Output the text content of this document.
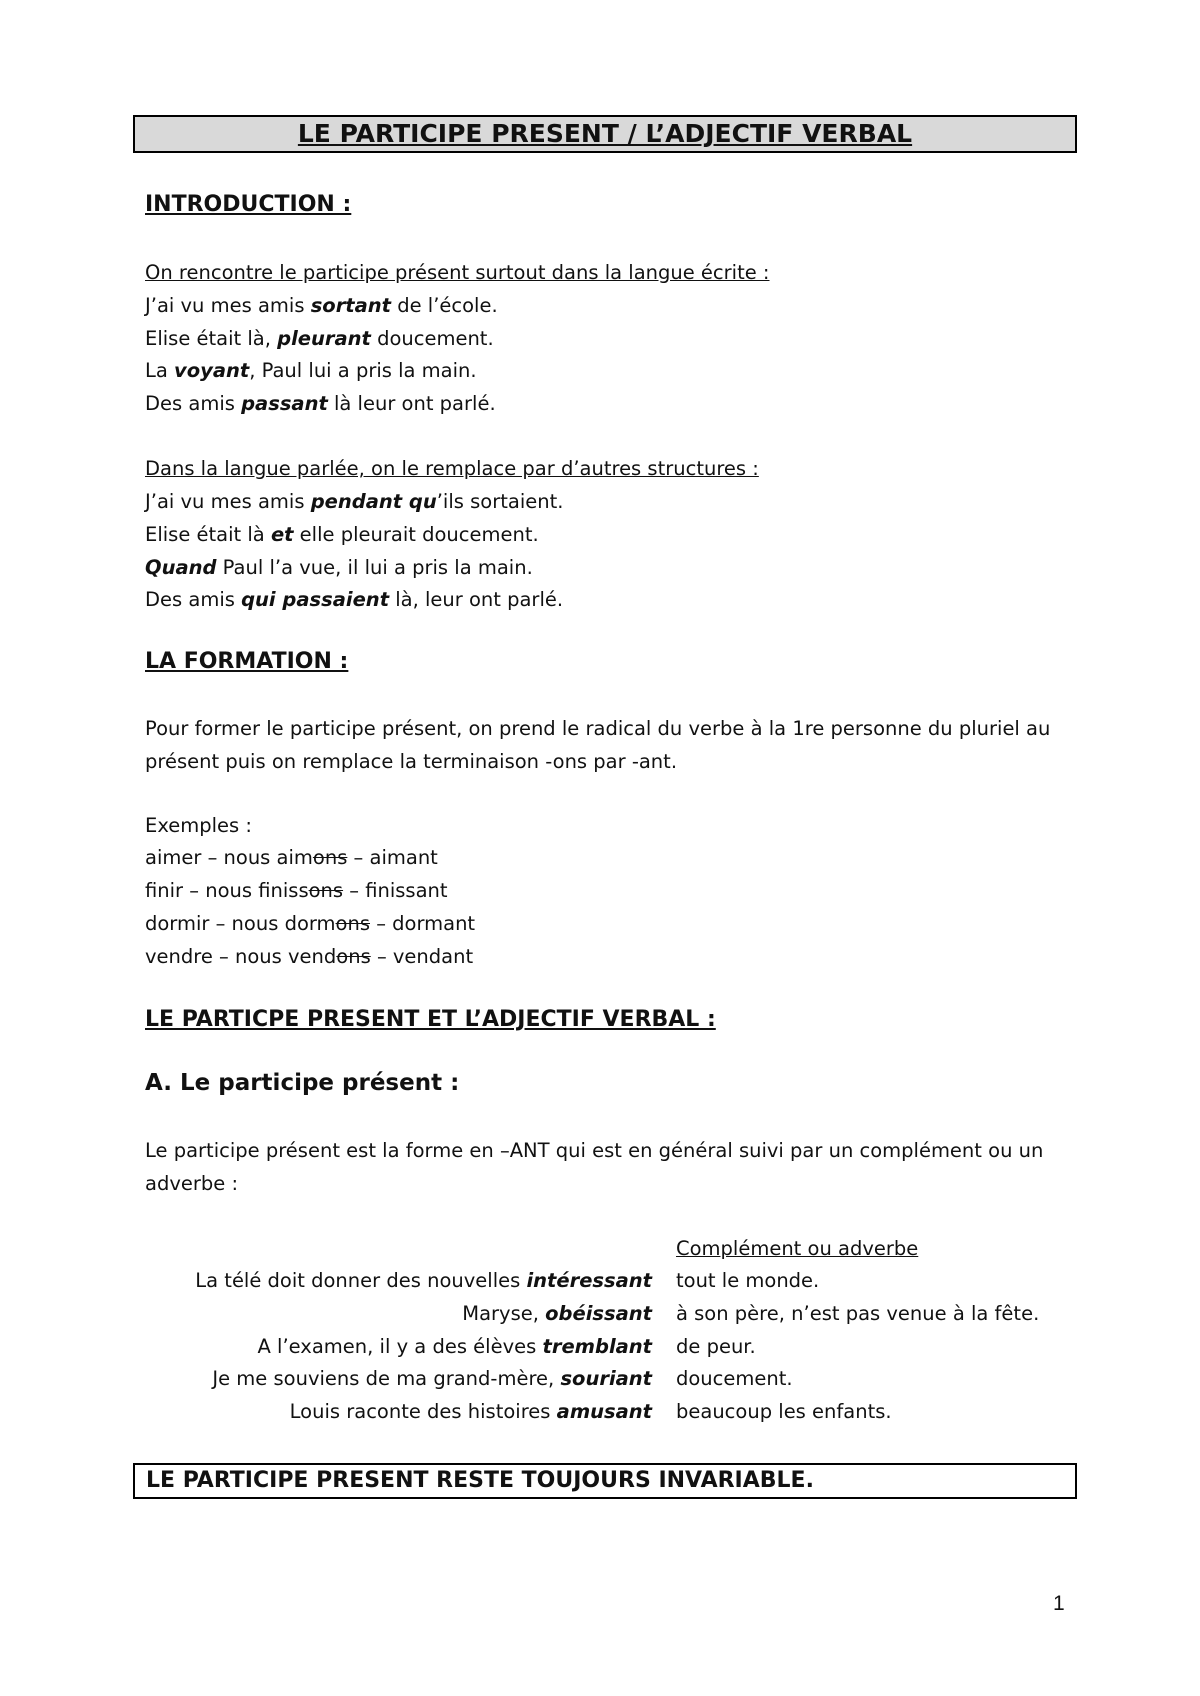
LE PARTICIPE PRESENT / L’ADJECTIF VERBAL
INTRODUCTION :
On rencontre le participe présent surtout dans la langue écrite :
J’ai vu mes amis sortant de l’école.
Elise était là, pleurant doucement.
La voyant, Paul lui a pris la main.
Des amis passant là leur ont parlé.
Dans la langue parlée, on le remplace par d’autres structures :
J’ai vu mes amis pendant qu’ils sortaient.
Elise était là et elle pleurait doucement.
Quand Paul l’a vue, il lui a pris la main.
Des amis qui passaient là, leur ont parlé.
LA FORMATION :
Pour former le participe présent, on prend le radical du verbe à la 1re personne du pluriel au présent puis on remplace la terminaison -ons par -ant.
Exemples :
aimer – nous aimons – aimant
finir – nous finissons – finissant
dormir – nous dormons – dormant
vendre – nous vendons – vendant
LE PARTICPE PRESENT ET L’ADJECTIF VERBAL :
A. Le participe présent :
Le participe présent est la forme en –ANT qui est en général suivi par un complément ou un adverbe :
Complément ou adverbe
La télé doit donner des nouvelles intéressant tout le monde.
Maryse, obéissant à son père, n’est pas venue à la fête.
A l’examen, il y a des élèves tremblant de peur.
Je me souviens de ma grand-mère, souriant doucement.
Louis raconte des histoires amusant beaucoup les enfants.
LE PARTICIPE PRESENT RESTE TOUJOURS INVARIABLE.
1
